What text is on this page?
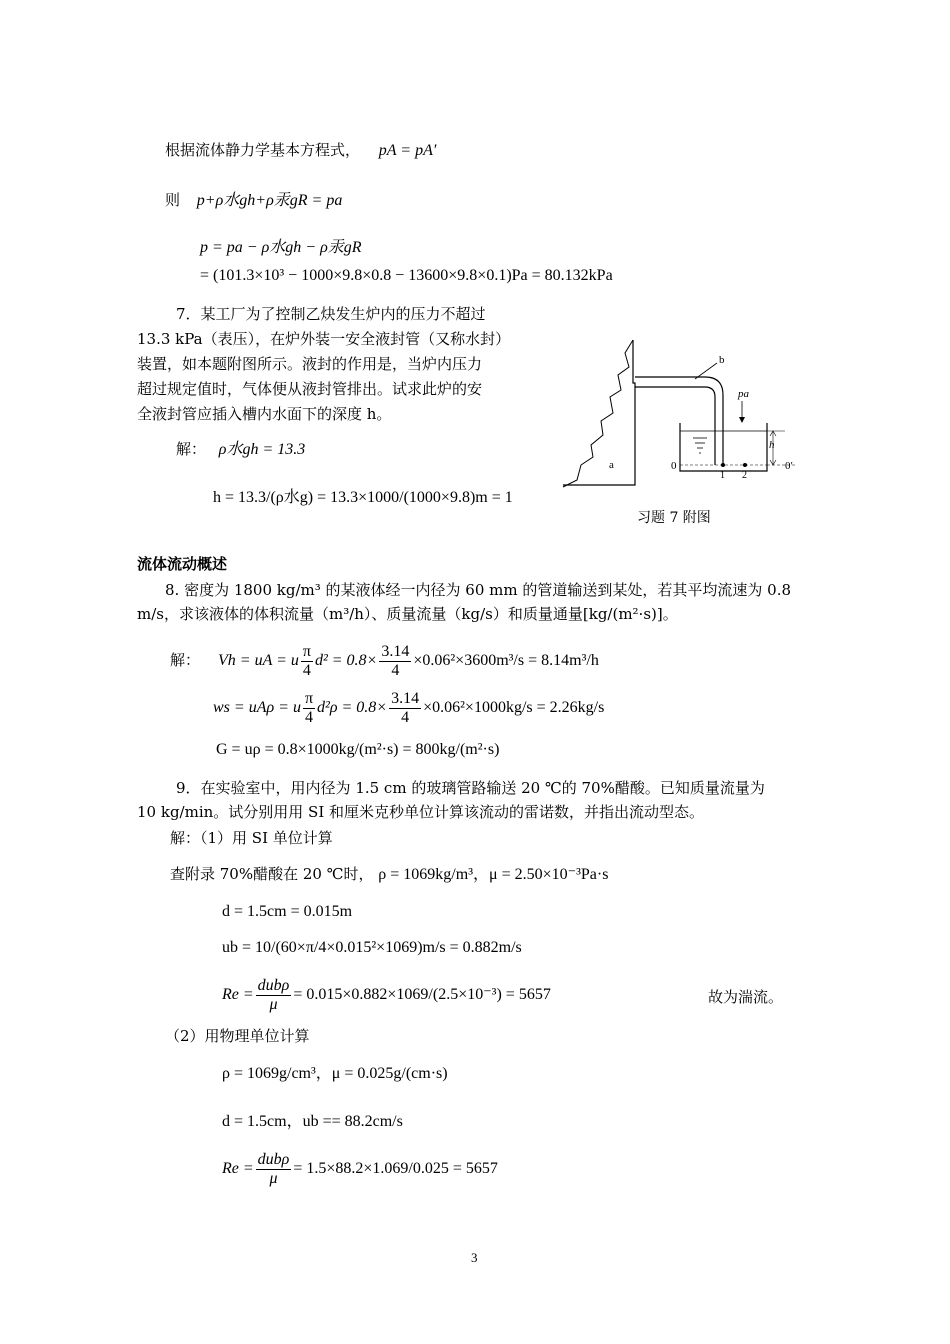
根据流体静力学基本方程式， pA = pA′
则 p+ρ水gh+ρ汞gR = pa
p = pa − ρ水gh − ρ汞gR
= (101.3×10³ − 1000×9.8×0.8 − 13600×9.8×0.1)Pa = 80.132kPa
7．某工厂为了控制乙炔发生炉内的压力不超过
13.3 kPa（表压），在炉外装一安全液封管（又称水封）
装置，如本题附图所示。液封的作用是，当炉内压力
超过规定值时，气体便从液封管排出。试求此炉的安
全液封管应插入槽内水面下的深度 h。
解： ρ水gh = 13.3
h = 13.3/(ρ水g) = 13.3×1000/(1000×9.8)m = 1
b
pa
h
0	0′
1 2
a
习题 7 附图
流体流动概述
8. 密度为 1800 kg/m³ 的某液体经一内径为 60 mm 的管道输送到某处，若其平均流速为 0.8
m/s，求该液体的体积流量（m³/h）、质量流量（kg/s）和质量通量[kg/(m²·s)]。
解： Vh = uA = u $\frac{\pi}{4} d^2 = 0.8\times \frac{3.14}{4} \times 0.06^2\times 3600m^3/s = 8.14m^3/h$
ws = uAρ = u $\frac{\pi}{4} d^2\rho = 0.8\times \frac{3.14}{4} \times 0.06^2\times 1000kg/s = 2.26kg/s$
G = uρ = 0.8×1000kg/(m²·s) = 800kg/(m²·s)
9．在实验室中，用内径为 1.5 cm 的玻璃管路输送 20 ℃的 70%醋酸。已知质量流量为
10 kg/min。试分别用用 SI 和厘米克秒单位计算该流动的雷诺数，并指出流动型态。
解：（1）用 SI 单位计算
查附录 70%醋酸在 20 ℃时， ρ = 1069kg/m³，μ = 2.50×10⁻³Pa·s
d = 1.5cm = 0.015m
ub = 10/(60×π/4×0.015²×1069)m/s = 0.882m/s
$Re = \frac{\text{dubρ}}{\mu} = 0.015\times 0.882\times 1069/(2.5\times 10^{-3}) = 5657$	故为湍流。
（2）用物理单位计算
ρ = 1069g/cm³，μ = 0.025g/(cm·s)
d = 1.5cm，ub == 88.2cm/s
$Re = \frac{\text{dubρ}}{\mu} = 1.5\times 88.2\times 1.069/0.025 = 5657$
3
